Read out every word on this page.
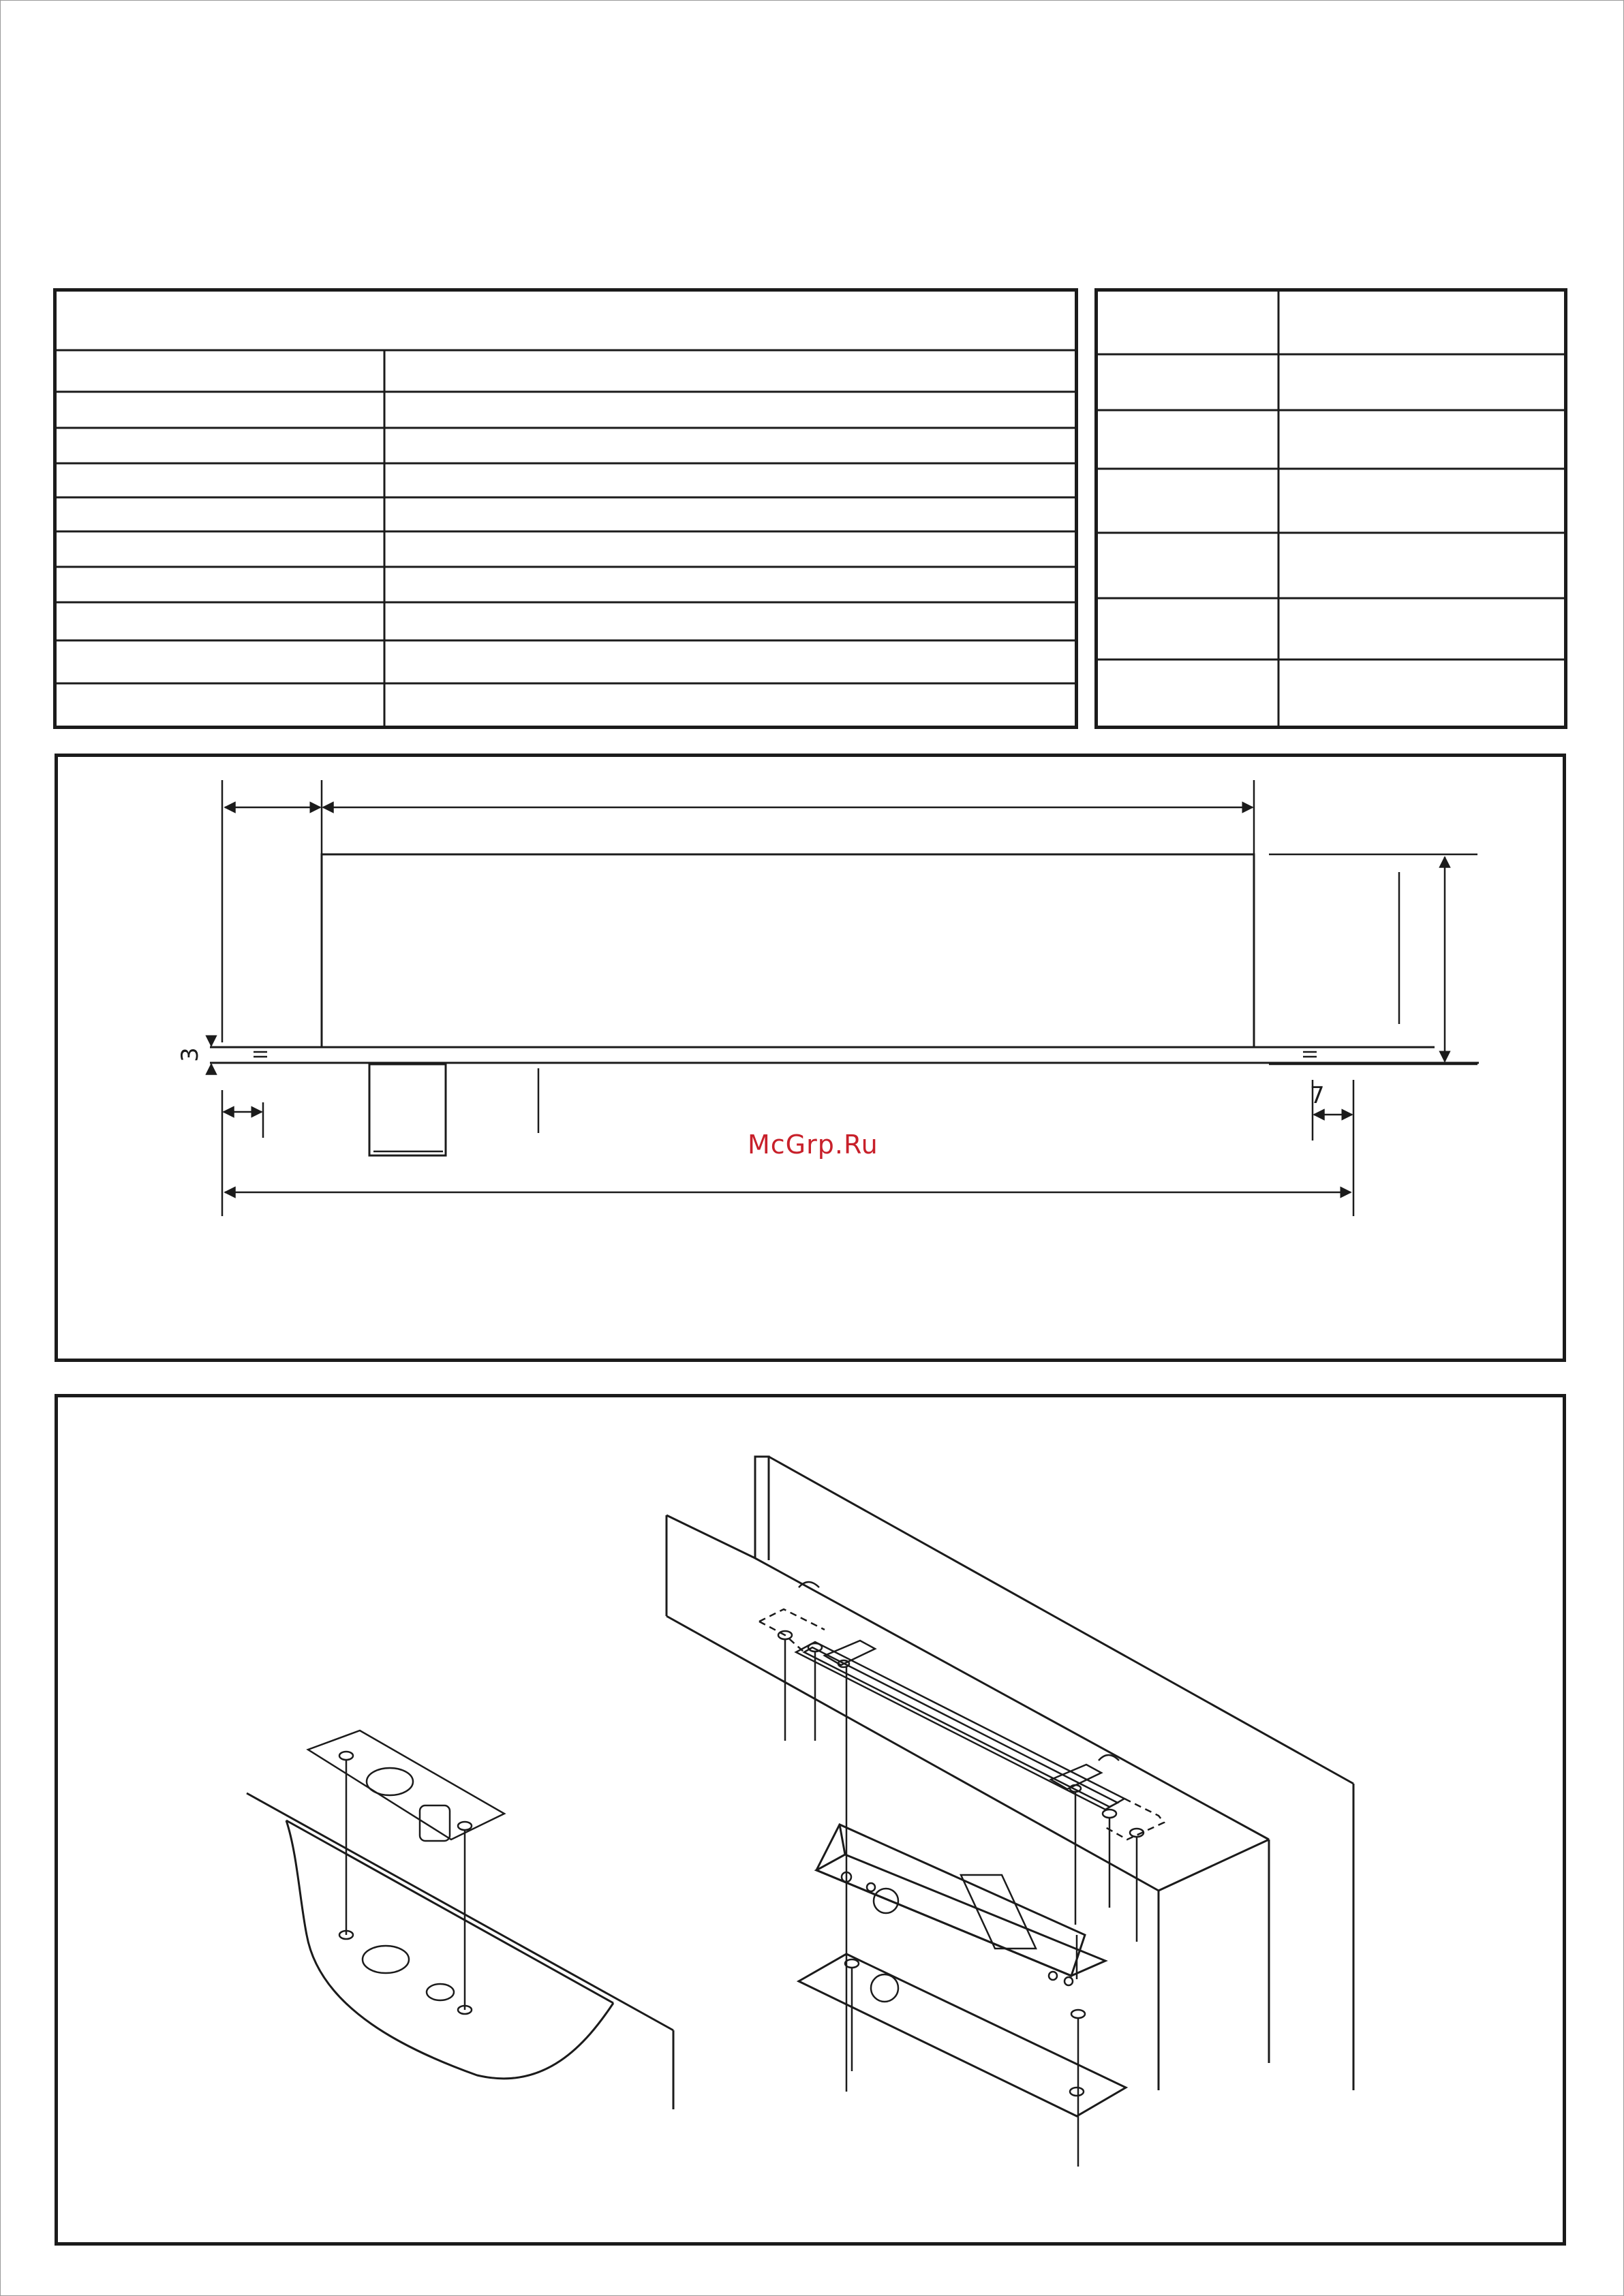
3
7
McGrp.Ru
